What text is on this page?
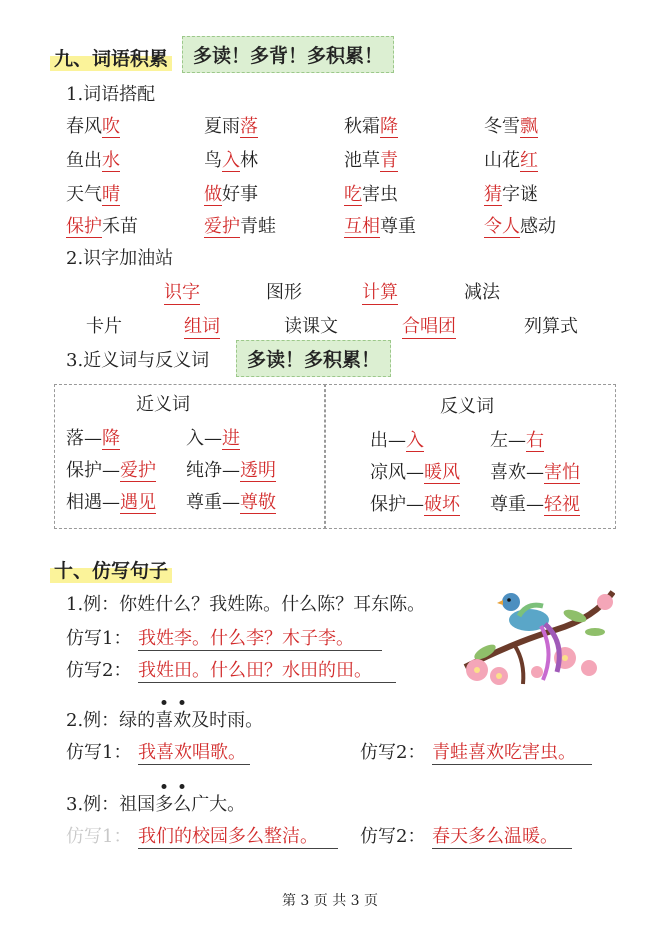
九、词语积累	多读！多背！多积累！
1.词语搭配
春风吹	夏雨落	秋霜降	冬雪飘
鱼出水	鸟入林	池草青	山花红
天气晴	做好事	吃害虫	猜字谜
保护禾苗	爱护青蛙	互相尊重	令人感动
2.识字加油站
识字	图形	计算	减法
卡片	组词	读课文	合唱团	列算式
3.近义词与反义词	多读！多积累！
近义词	反义词
落—降	入—进
保护—爱护 纯净—透明
相遇—遇见 尊重—尊敬
出—入	左—右
凉风—暖风 喜欢—害怕
保护—破坏 尊重—轻视
十、仿写句子
1.例：你姓什么？我姓陈。什么陈？耳东陈。
仿写1： 我姓李。什么李？木子李。
仿写2： 我姓田。什么田？水田的田。
2.例：绿的喜欢及时雨。
仿写1： 我喜欢唱歌。	仿写2： 青蛙喜欢吃害虫。
3.例：祖国多么广大。
仿写1： 我们的校园多么整洁。	仿写2： 春天多么温暖。
第 3 页 共 3 页
